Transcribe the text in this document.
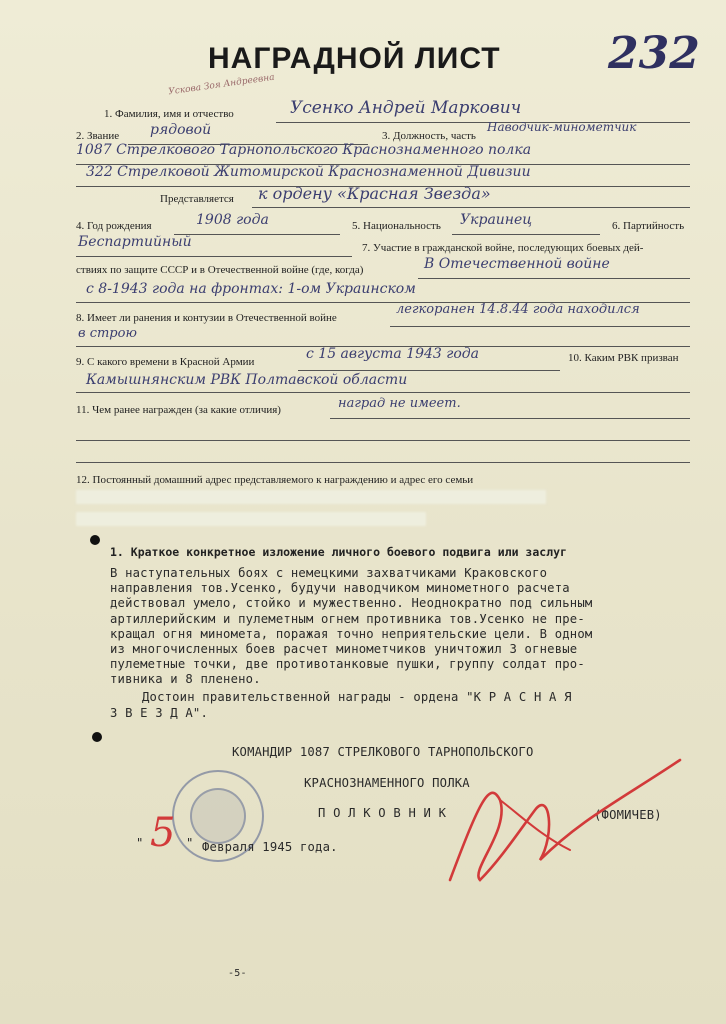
Ускова Зоя Андреевна
НАГРАДНОЙ ЛИСТ 232
1. Фамилия, имя и отчество	Усенко Андрей Маркович
2. Звание рядовой	3. Должность, часть
Наводчик-минометчик
1087 Стрелкового Тарнопольского Краснознаменного полка
322 Стрелковой Житомирской Краснознаменной Дивизии
Представляется к ордену «Красная Звезда»
4. Год рождения	1908 года	5. Национальность Украинец	6. Партийность
Беспартийный	7. Участие в гражданской войне, последующих боевых дей-
ствиях по защите СССР и в Отечественной войне (где, когда)	В Отечественной войне
с 8-1943 года на фронтах: 1-ом Украинском
8. Имеет ли ранения и контузии в Отечественной войне
легкоранен 14.8.44 года находился
в строю
9. С какого времени в Красной Армии	с 15 августа 1943 года	10. Каким РВК призван
Камышнянским РВК Полтавской области
11. Чем ранее награжден (за какие отличия)	наград не имеет.
12. Постоянный домашний адрес представляемого к награждению и адрес его семьи
1. Краткое конкретное изложение личного боевого подвига или заслуг
В наступательных боях с немецкими захватчиками Краковского
направления тов.Усенко, будучи наводчиком минометного расчета
действовал умело, стойко и мужественно. Неоднократно под сильным
артиллерийским и пулеметным огнем противника тов.Усенко не пре-
кращал огня миномета, поражая точно неприятельские цели. В одном
из многочисленных боев расчет минометчиков уничтожил 3 огневые
пулеметные точки, две противотанковые пушки, группу солдат про-
тивника и 8 пленено.
Достоин правительственной награды - ордена "К Р А С Н А Я
З В Е З Д А".
КОМАНДИР 1087 СТРЕЛКОВОГО ТАРНОПОЛЬСКОГО
КРАСНОЗНАМЕННОГО ПОЛКА
П О Л К О В Н И К	(ФОМИЧЕВ)
" 5 " Февраля 1945 года.
-5-
